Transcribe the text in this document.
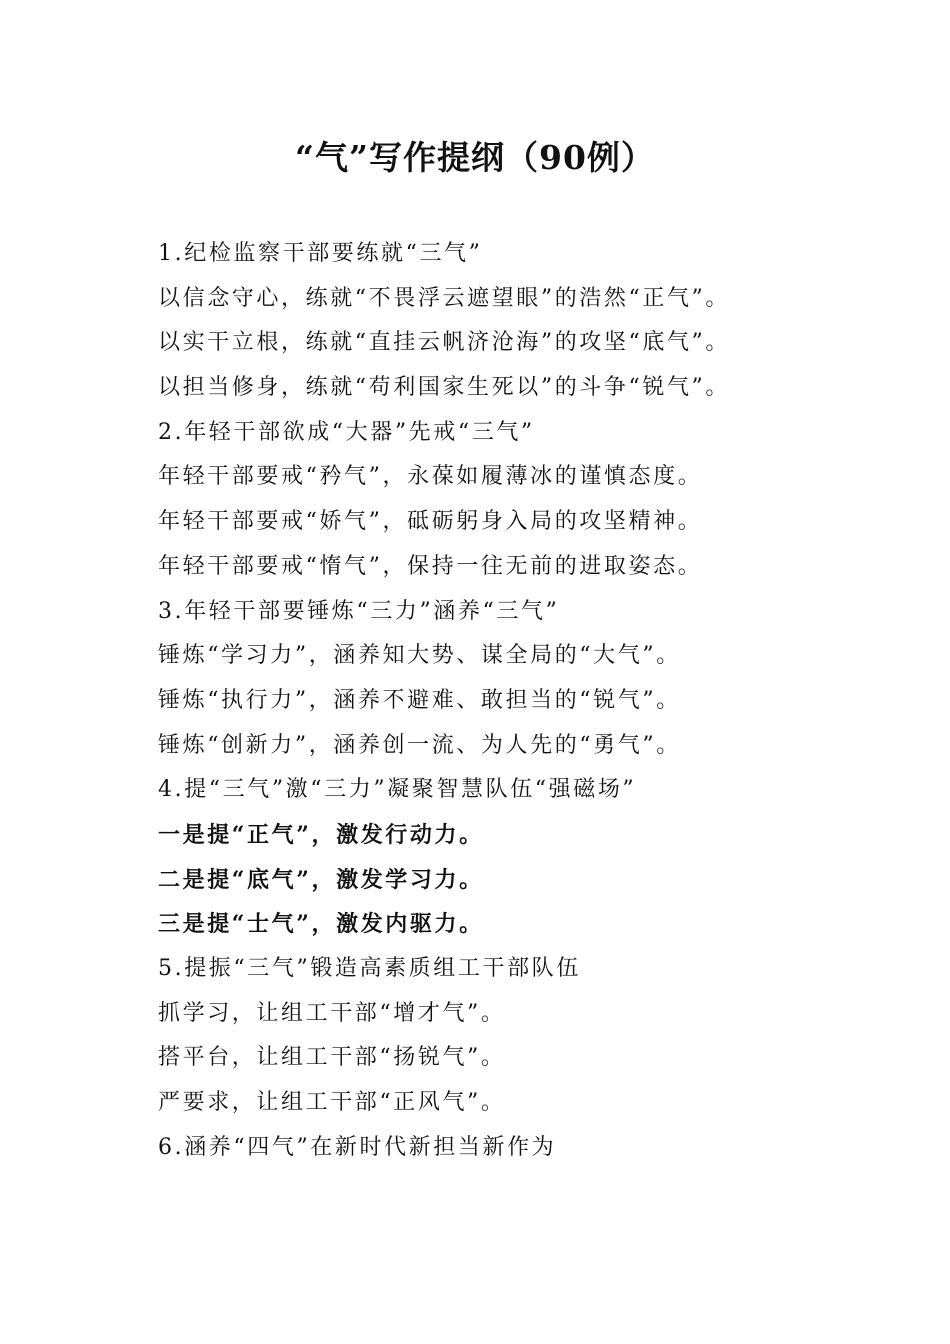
“气”写作提纲（90例）
1.纪检监察干部要练就“三气”
以信念守心，练就“不畏浮云遮望眼”的浩然“正气”。
以实干立根，练就“直挂云帆济沧海”的攻坚“底气”。
以担当修身，练就“苟利国家生死以”的斗争“锐气”。
2.年轻干部欲成“大器”先戒“三气”
年轻干部要戒“矜气”，永葆如履薄冰的谨慎态度。
年轻干部要戒“娇气”，砥砺躬身入局的攻坚精神。
年轻干部要戒“惰气”，保持一往无前的进取姿态。
3.年轻干部要锤炼“三力”涵养“三气”
锤炼“学习力”，涵养知大势、谋全局的“大气”。
锤炼“执行力”，涵养不避难、敢担当的“锐气”。
锤炼“创新力”，涵养创一流、为人先的“勇气”。
4.提“三气”激“三力”凝聚智慧队伍“强磁场”
一是提“正气”，激发行动力。
二是提“底气”，激发学习力。
三是提“士气”，激发内驱力。
5.提振“三气”锻造高素质组工干部队伍
抓学习，让组工干部“增才气”。
搭平台，让组工干部“扬锐气”。
严要求，让组工干部“正风气”。
6.涵养“四气”在新时代新担当新作为
